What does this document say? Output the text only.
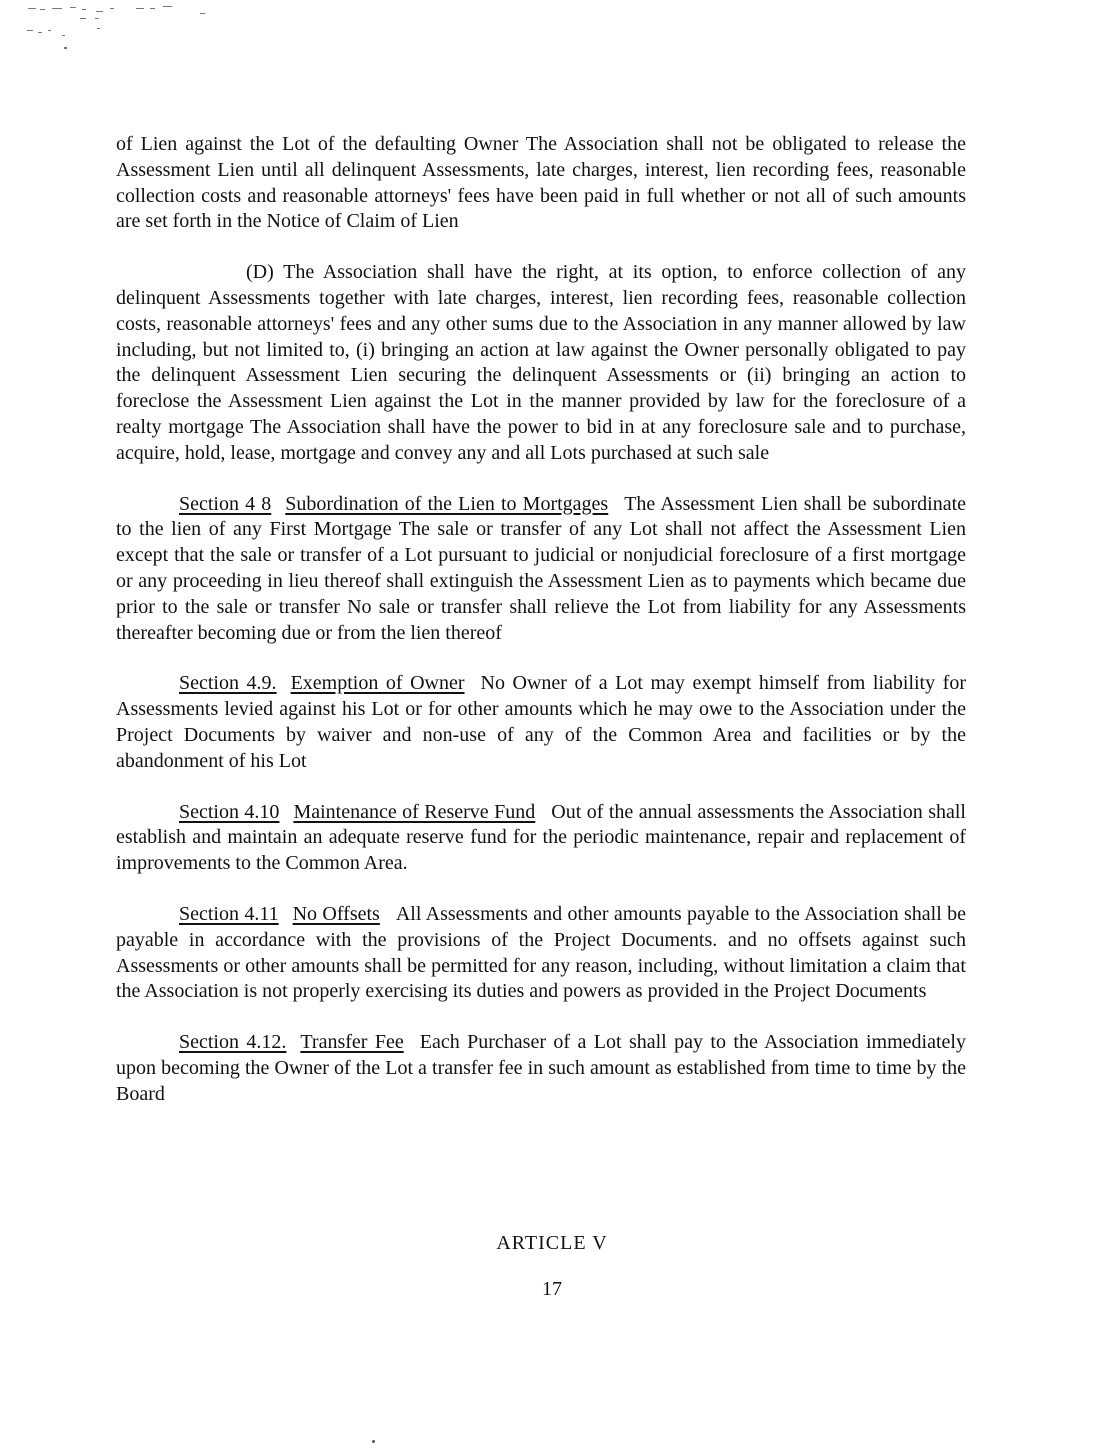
of Lien against the Lot of the defaulting Owner The Association shall not be obligated to release the Assessment Lien until all delinquent Assessments, late charges, interest, lien recording fees, reasonable collection costs and reasonable attorneys' fees have been paid in full whether or not all of such amounts are set forth in the Notice of Claim of Lien

(D) The Association shall have the right, at its option, to enforce collection of any delinquent Assessments together with late charges, interest, lien recording fees, reasonable collection costs, reasonable attorneys' fees and any other sums due to the Association in any manner allowed by law including, but not limited to, (i) bringing an action at law against the Owner personally obligated to pay the delinquent Assessment Lien securing the delinquent Assessments or (ii) bringing an action to foreclose the Assessment Lien against the Lot in the manner provided by law for the foreclosure of a realty mortgage The Association shall have the power to bid in at any foreclosure sale and to purchase, acquire, hold, lease, mortgage and convey any and all Lots purchased at such sale

Section 4 8 Subordination of the Lien to Mortgages The Assessment Lien shall be subordinate to the lien of any First Mortgage The sale or transfer of any Lot shall not affect the Assessment Lien except that the sale or transfer of a Lot pursuant to judicial or nonjudicial foreclosure of a first mortgage or any proceeding in lieu thereof shall extinguish the Assessment Lien as to payments which became due prior to the sale or transfer No sale or transfer shall relieve the Lot from liability for any Assessments thereafter becoming due or from the lien thereof

Section 4.9. Exemption of Owner No Owner of a Lot may exempt himself from liability for Assessments levied against his Lot or for other amounts which he may owe to the Association under the Project Documents by waiver and non-use of any of the Common Area and facilities or by the abandonment of his Lot

Section 4.10 Maintenance of Reserve Fund Out of the annual assessments the Association shall establish and maintain an adequate reserve fund for the periodic maintenance, repair and replacement of improvements to the Common Area.

Section 4.11 No Offsets All Assessments and other amounts payable to the Association shall be payable in accordance with the provisions of the Project Documents. and no offsets against such Assessments or other amounts shall be permitted for any reason, including, without limitation a claim that the Association is not properly exercising its duties and powers as provided in the Project Documents

Section 4.12. Transfer Fee Each Purchaser of a Lot shall pay to the Association immediately upon becoming the Owner of the Lot a transfer fee in such amount as established from time to time by the Board

ARTICLE V
17
